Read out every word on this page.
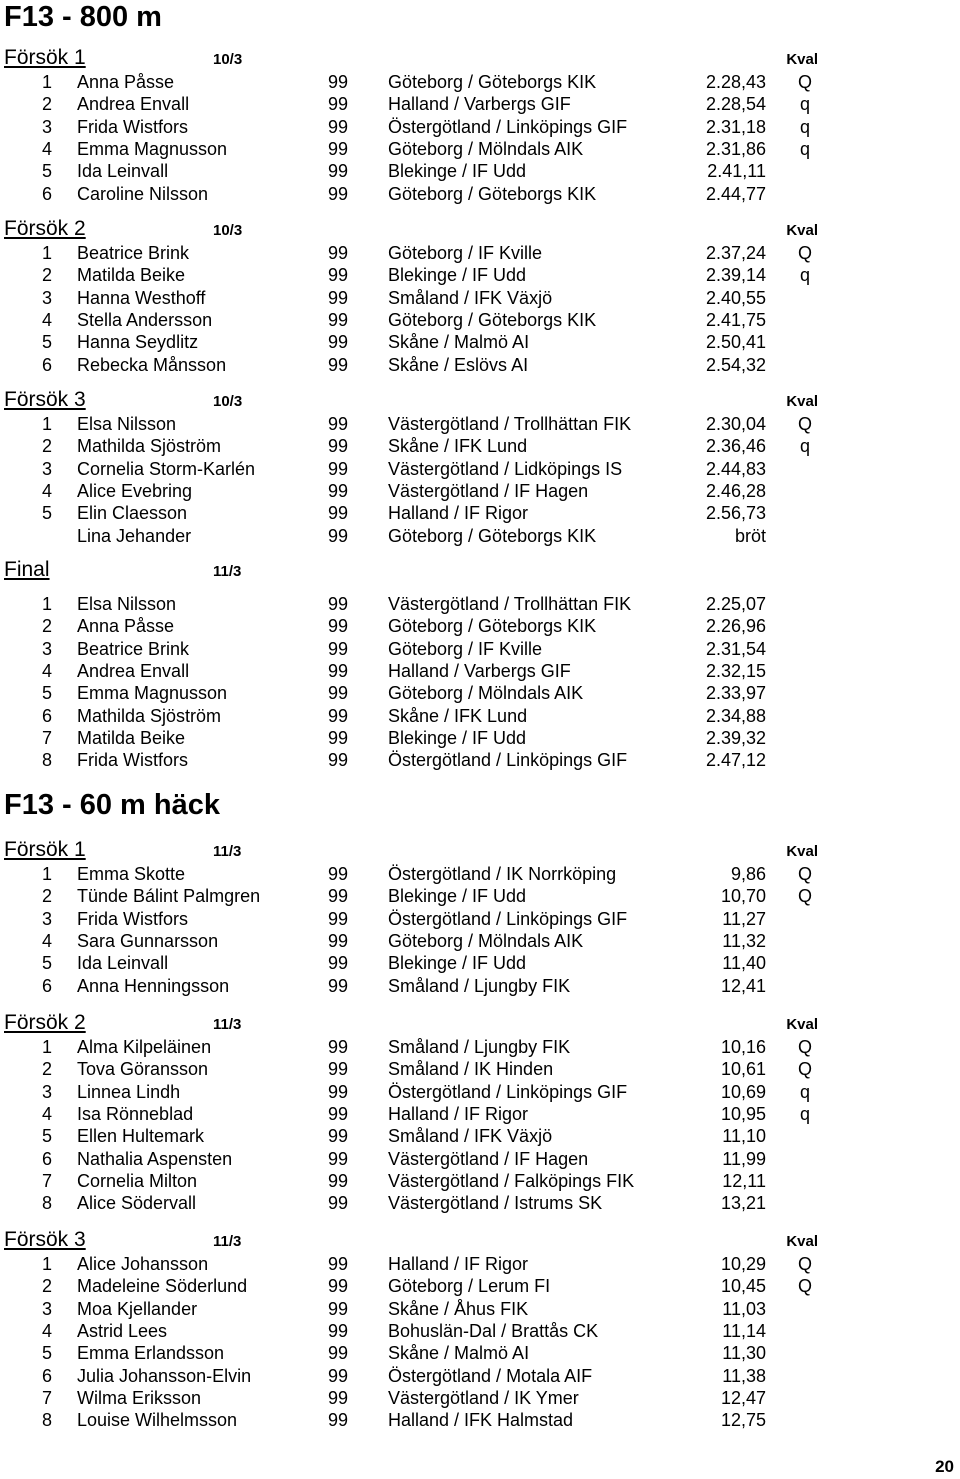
F13 - 800 m
Försök 1	10/3	Kval
1 Anna Påsse	99 Göteborg / Göteborgs KIK	2.28,43 Q
2 Andrea Envall	99 Halland / Varbergs GIF	2.28,54 q
3 Frida Wistfors	99 Östergötland / Linköpings GIF	2.31,18 q
4 Emma Magnusson	99 Göteborg / Mölndals AIK	2.31,86 q
5 Ida Leinvall	99 Blekinge / IF Udd	2.41,11
6 Caroline Nilsson	99 Göteborg / Göteborgs KIK	2.44,77
Försök 2	10/3	Kval
1 Beatrice Brink	99 Göteborg / IF Kville	2.37,24 Q
2 Matilda Beike	99 Blekinge / IF Udd	2.39,14 q
3 Hanna Westhoff	99 Småland / IFK Växjö	2.40,55
4 Stella Andersson	99 Göteborg / Göteborgs KIK	2.41,75
5 Hanna Seydlitz	99 Skåne / Malmö AI	2.50,41
6 Rebecka Månsson	99 Skåne / Eslövs AI	2.54,32
Försök 3	10/3	Kval
1 Elsa Nilsson	99 Västergötland / Trollhättan FIK	2.30,04 Q
2 Mathilda Sjöström	99 Skåne / IFK Lund	2.36,46 q
3 Cornelia Storm-Karlén	99 Västergötland / Lidköpings IS	2.44,83
4 Alice Evebring	99 Västergötland / IF Hagen	2.46,28
5 Elin Claesson	99 Halland / IF Rigor	2.56,73
Lina Jehander	99 Göteborg / Göteborgs KIK	bröt
Final	11/3
1 Elsa Nilsson	99 Västergötland / Trollhättan FIK	2.25,07
2 Anna Påsse	99 Göteborg / Göteborgs KIK	2.26,96
3 Beatrice Brink	99 Göteborg / IF Kville	2.31,54
4 Andrea Envall	99 Halland / Varbergs GIF	2.32,15
5 Emma Magnusson	99 Göteborg / Mölndals AIK	2.33,97
6 Mathilda Sjöström	99 Skåne / IFK Lund	2.34,88
7 Matilda Beike	99 Blekinge / IF Udd	2.39,32
8 Frida Wistfors	99 Östergötland / Linköpings GIF	2.47,12
F13 - 60 m häck
Försök 1	11/3	Kval
1 Emma Skotte	99 Östergötland / IK Norrköping	9,86 Q
2 Tünde Bálint Palmgren	99 Blekinge / IF Udd	10,70 Q
3 Frida Wistfors	99 Östergötland / Linköpings GIF	11,27
4 Sara Gunnarsson	99 Göteborg / Mölndals AIK	11,32
5 Ida Leinvall	99 Blekinge / IF Udd	11,40
6 Anna Henningsson	99 Småland / Ljungby FIK	12,41
Försök 2	11/3	Kval
1 Alma Kilpeläinen	99 Småland / Ljungby FIK	10,16 Q
2 Tova Göransson	99 Småland / IK Hinden	10,61 Q
3 Linnea Lindh	99 Östergötland / Linköpings GIF	10,69 q
4 Isa Rönneblad	99 Halland / IF Rigor	10,95 q
5 Ellen Hultemark	99 Småland / IFK Växjö	11,10
6 Nathalia Aspensten	99 Västergötland / IF Hagen	11,99
7 Cornelia Milton	99 Västergötland / Falköpings FIK	12,11
8 Alice Södervall	99 Västergötland / Istrums SK	13,21
Försök 3	11/3	Kval
1 Alice Johansson	99 Halland / IF Rigor	10,29 Q
2 Madeleine Söderlund	99 Göteborg / Lerum FI	10,45 Q
3 Moa Kjellander	99 Skåne / Åhus FIK	11,03
4 Astrid Lees	99 Bohuslän-Dal / Brattås CK	11,14
5 Emma Erlandsson	99 Skåne / Malmö AI	11,30
6 Julia Johansson-Elvin	99 Östergötland / Motala AIF	11,38
7 Wilma Eriksson	99 Västergötland / IK Ymer	12,47
8 Louise Wilhelmsson	99 Halland / IFK Halmstad	12,75
20
